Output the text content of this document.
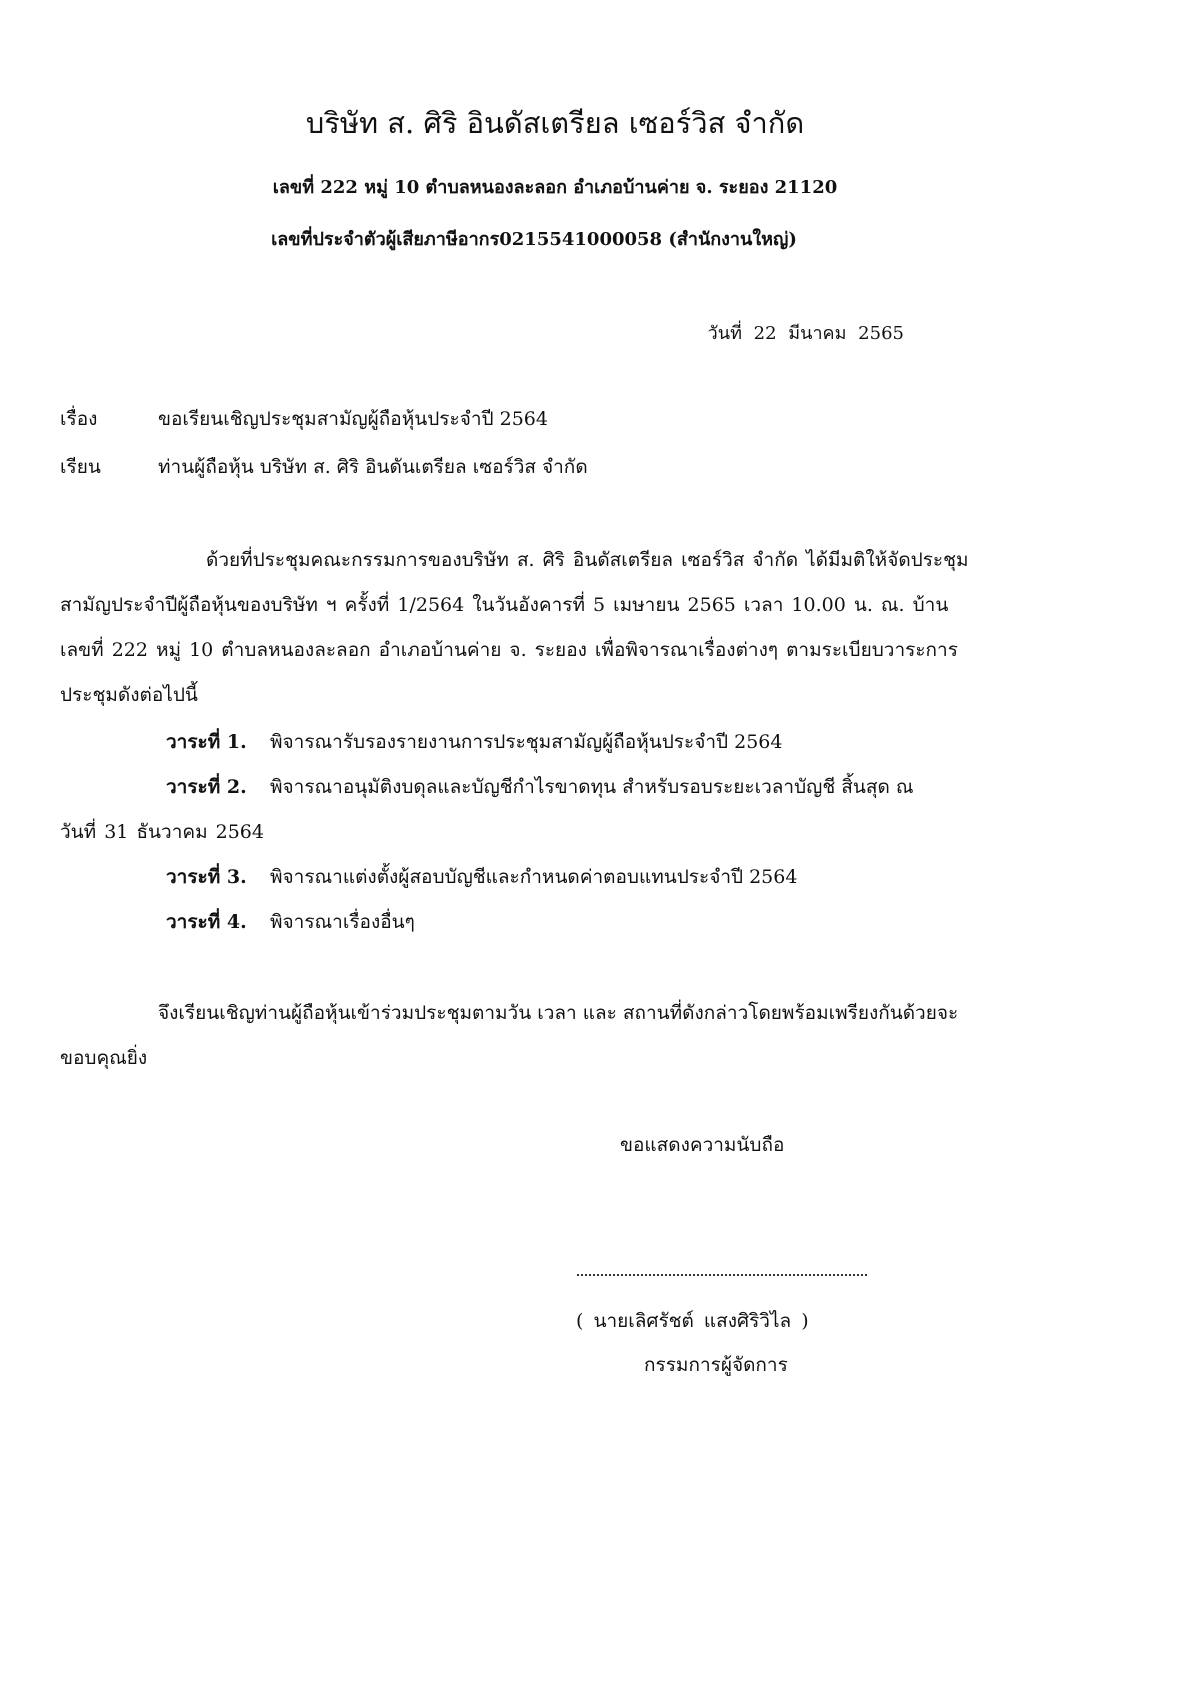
บริษัท ส. ศิริ อินดัสเตรียล เซอร์วิส จำกัด
เลขที่ 222 หมู่ 10 ตำบลหนองละลอก อำเภอบ้านค่าย จ. ระยอง 21120
เลขที่ประจำตัวผู้เสียภาษีอากร0215541000058 (สำนักงานใหญ่)
วันที่ 22 มีนาคม 2565
เรื่อง	ขอเรียนเชิญประชุมสามัญผู้ถือหุ้นประจำปี 2564
เรียน	ท่านผู้ถือหุ้น บริษัท ส. ศิริ อินดันเตรียล เซอร์วิส จำกัด
ด้วยที่ประชุมคณะกรรมการของบริษัท ส. ศิริ อินดัสเตรียล เซอร์วิส จำกัด ได้มีมติให้จัดประชุม
สามัญประจำปีผู้ถือหุ้นของบริษัท ฯ ครั้งที่ 1/2564 ในวันอังคารที่ 5 เมษายน 2565 เวลา 10.00 น. ณ. บ้าน
เลขที่ 222 หมู่ 10 ตำบลหนองละลอก อำเภอบ้านค่าย จ. ระยอง เพื่อพิจารณาเรื่องต่างๆ ตามระเบียบวาระการ
ประชุมดังต่อไปนี้
วาระที่ 1. พิจารณารับรองรายงานการประชุมสามัญผู้ถือหุ้นประจำปี 2564
วาระที่ 2. พิจารณาอนุมัติงบดุลและบัญชีกำไรขาดทุน สำหรับรอบระยะเวลาบัญชี สิ้นสุด ณ
วันที่ 31 ธันวาคม 2564
วาระที่ 3. พิจารณาแต่งตั้งผู้สอบบัญชีและกำหนดค่าตอบแทนประจำปี 2564
วาระที่ 4. พิจารณาเรื่องอื่นๆ
จึงเรียนเชิญท่านผู้ถือหุ้นเข้าร่วมประชุมตามวัน เวลา และ สถานที่ดังกล่าวโดยพร้อมเพรียงกันด้วยจะ
ขอบคุณยิ่ง
ขอแสดงความนับถือ
( นายเลิศรัชต์ แสงศิริวิไล )
กรรมการผู้จัดการ
